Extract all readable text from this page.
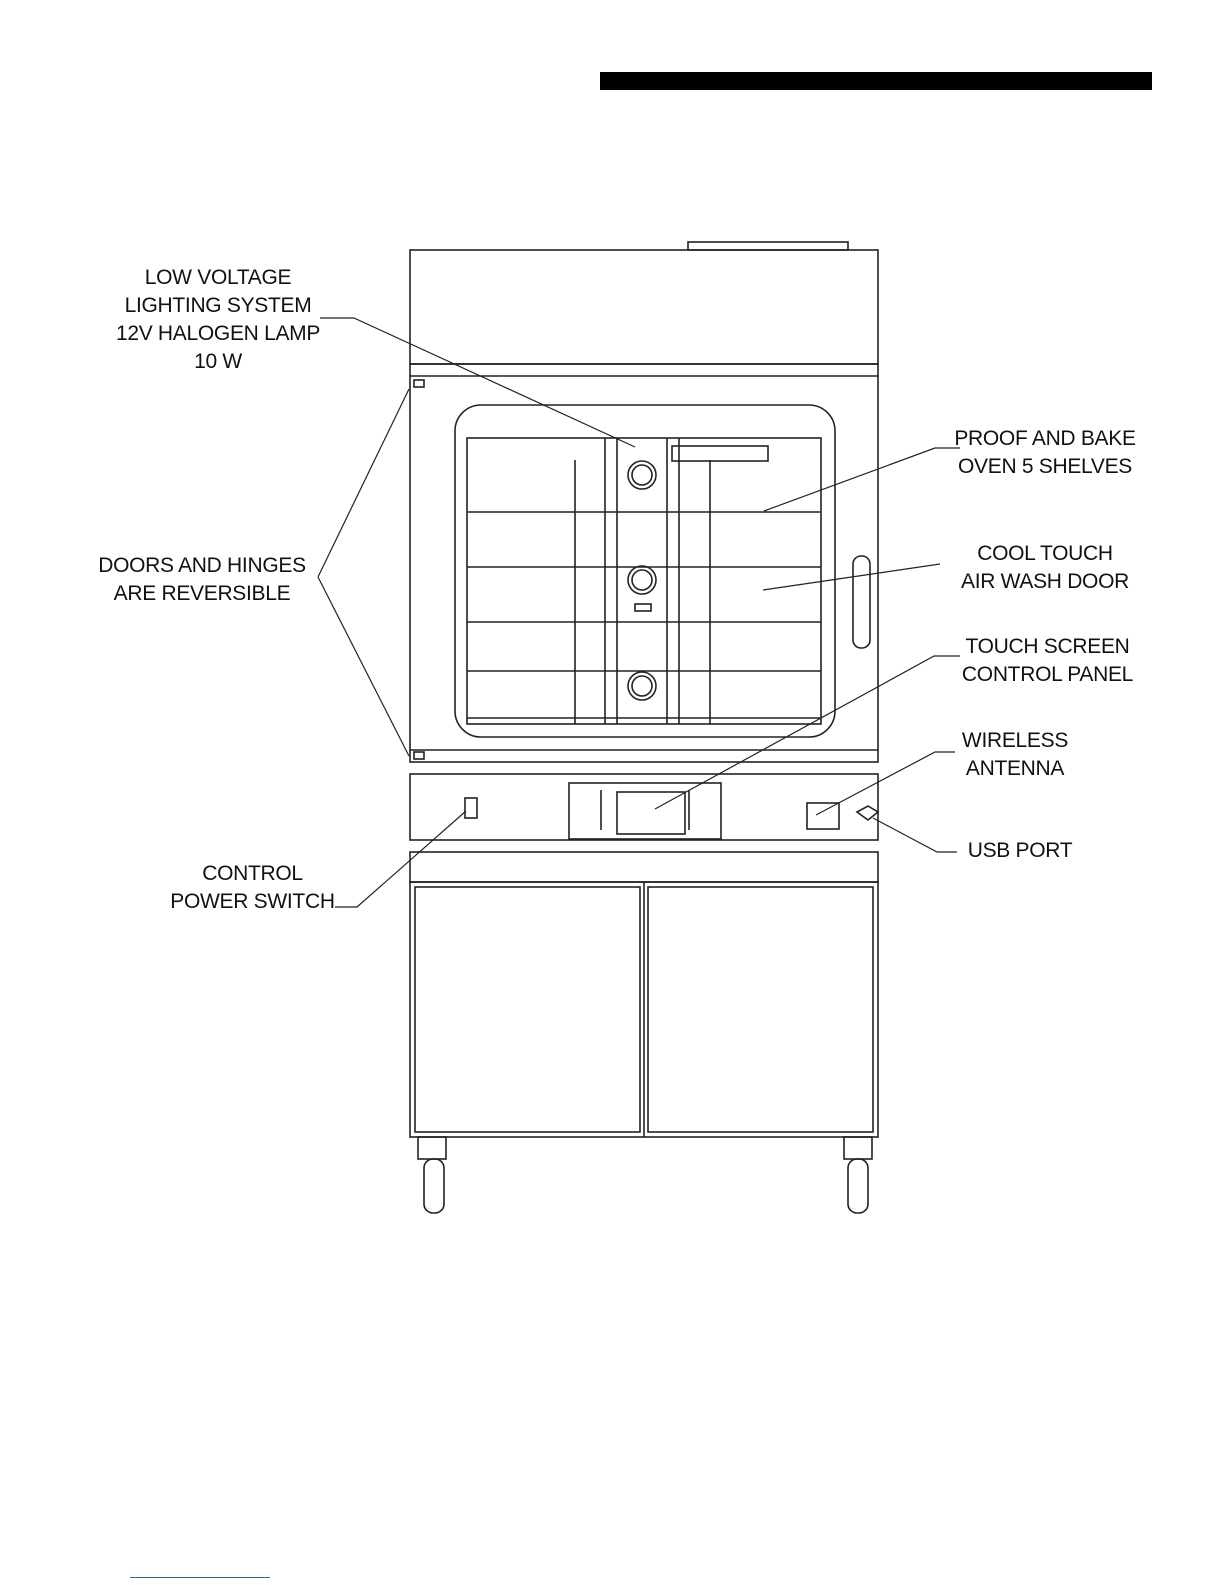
LOW VOLTAGE
LIGHTING SYSTEM
12V HALOGEN LAMP
10 W
PROOF AND BAKE
OVEN 5 SHELVES
COOL TOUCH
AIR WASH DOOR
DOORS AND HINGES
ARE REVERSIBLE
TOUCH SCREEN
CONTROL PANEL
WIRELESS
ANTENNA
USB PORT
CONTROL
POWER SWITCH
